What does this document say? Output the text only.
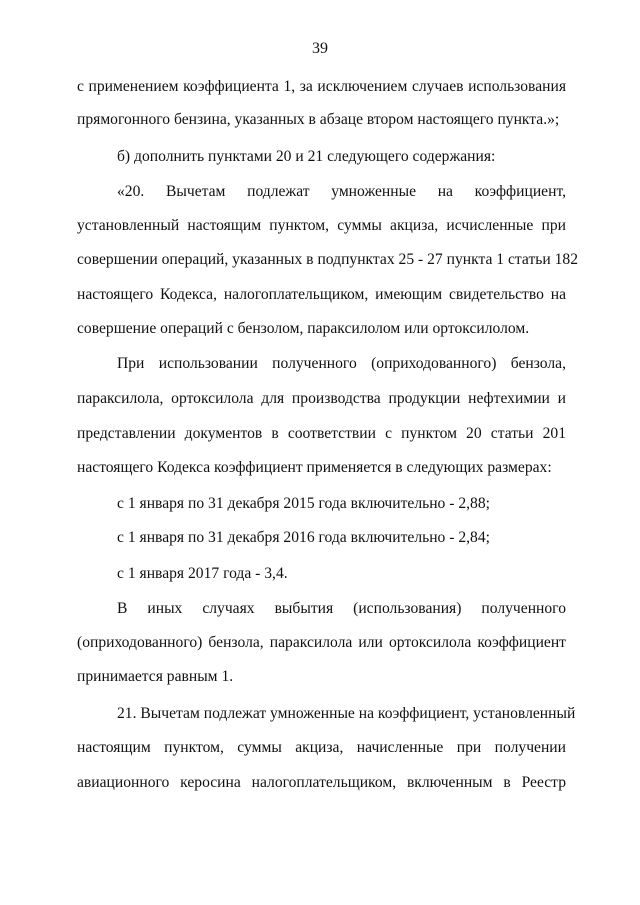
39
с применением коэффициента 1, за исключением случаев использования
прямогонного бензина, указанных в абзаце втором настоящего пункта.»;
б) дополнить пунктами 20 и 21 следующего содержания:
«20. Вычетам подлежат умноженные на коэффициент,
установленный настоящим пунктом, суммы акциза, исчисленные при
совершении операций, указанных в подпунктах 25 - 27 пункта 1 статьи 182
настоящего Кодекса, налогоплательщиком, имеющим свидетельство на
совершение операций с бензолом, параксилолом или ортоксилолом.
При использовании полученного (оприходованного) бензола,
параксилола, ортоксилола для производства продукции нефтехимии и
представлении документов в соответствии с пунктом 20 статьи 201
настоящего Кодекса коэффициент применяется в следующих размерах:
с 1 января по 31 декабря 2015 года включительно - 2,88;
с 1 января по 31 декабря 2016 года включительно - 2,84;
с 1 января 2017 года - 3,4.
В иных случаях выбытия (использования) полученного
(оприходованного) бензола, параксилола или ортоксилола коэффициент
принимается равным 1.
21. Вычетам подлежат умноженные на коэффициент, установленный
настоящим пунктом, суммы акциза, начисленные при получении
авиационного керосина налогоплательщиком, включенным в Реестр
